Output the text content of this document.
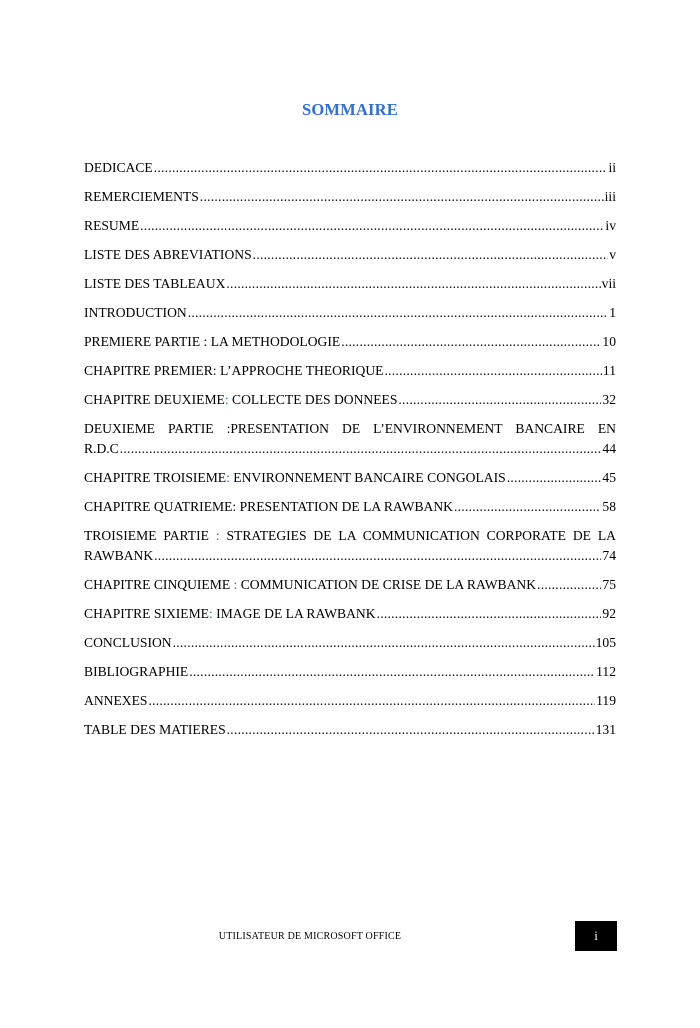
SOMMAIRE
DEDICACE .....	ii
REMERCIEMENTS .....	iii
RESUME .....	iv
LISTE DES ABREVIATIONS .....	v
LISTE DES TABLEAUX .....	vii
INTRODUCTION .....	1
PREMIERE PARTIE : LA METHODOLOGIE .....	10
CHAPITRE PREMIER: L’APPROCHE THEORIQUE .....	11
CHAPITRE DEUXIEME: COLLECTE DES DONNEES .....	32
DEUXIEME PARTIE :PRESENTATION DE L’ENVIRONNEMENT BANCAIRE EN
R.D.C .....	44
CHAPITRE TROISIEME: ENVIRONNEMENT BANCAIRE CONGOLAIS .....	45
CHAPITRE QUATRIEME: PRESENTATION DE LA RAWBANK .....	58
TROISIEME PARTIE : STRATEGIES DE LA COMMUNICATION CORPORATE DE LA
RAWBANK .....	74
CHAPITRE CINQUIEME : COMMUNICATION DE CRISE DE LA RAWBANK .....	75
CHAPITRE SIXIEME: IMAGE DE LA RAWBANK .....	92
CONCLUSION .....	105
BIBLIOGRAPHIE .....	112
ANNEXES .....	119
TABLE DES MATIERES .....	131
UTILISATEUR DE MICROSOFT OFFICE	i
